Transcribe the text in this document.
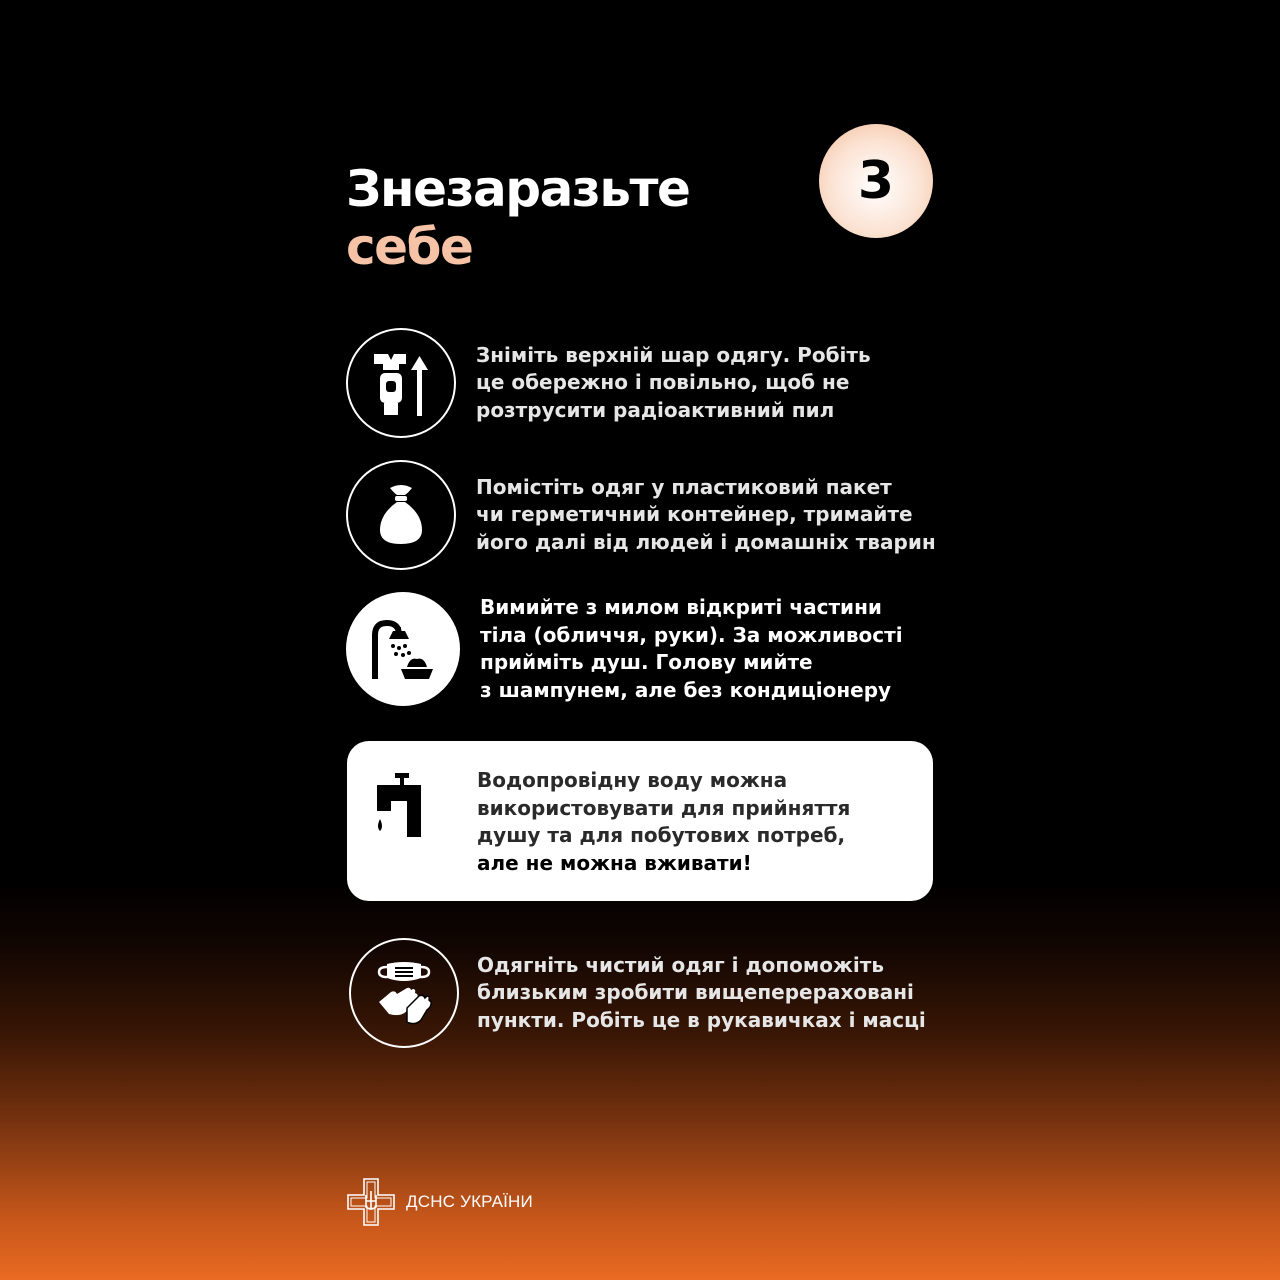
Знезаразьте
себе
3
Зніміть верхній шар одягу. Робіть
це обережно і повільно, щоб не
розтрусити радіоактивний пил
Помістіть одяг у пластиковий пакет
чи герметичний контейнер, тримайте
його далі від людей і домашніх тварин
Вимийте з милом відкриті частини
тіла (обличчя, руки). За можливості
прийміть душ. Голову мийте
з шампунем, але без кондиціонеру
Водопровідну воду можна
використовувати для прийняття
душу та для побутових потреб,
але не можна вживати!
Одягніть чистий одяг і допоможіть
близьким зробити вищеперераховані
пункти. Робіть це в рукавичках і масці
ДСНС УКРАЇНИ
